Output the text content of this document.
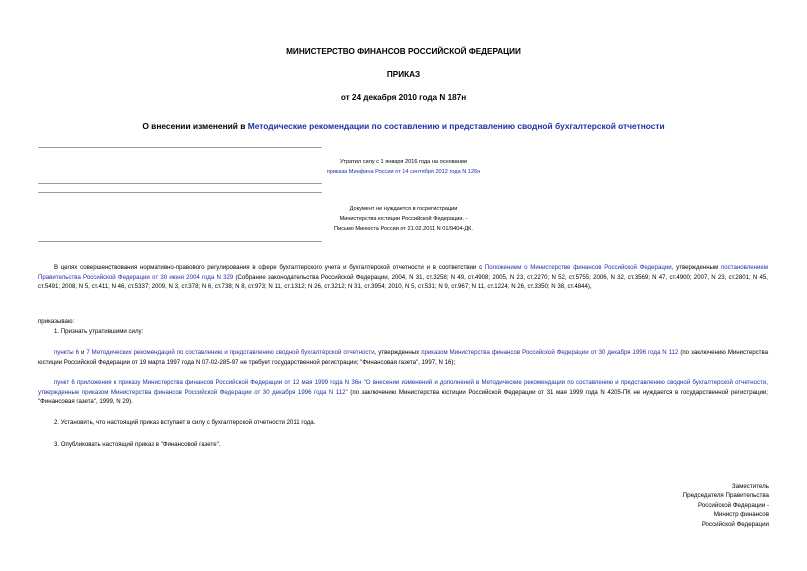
МИНИСТЕРСТВО ФИНАНСОВ РОССИЙСКОЙ ФЕДЕРАЦИИ
ПРИКАЗ
от 24 декабря 2010 года N 187н
О внесении изменений в Методические рекомендации по составлению и представлению сводной бухгалтерской отчетности
Утратил силу с 1 января 2016 года на основании
приказа Минфина России от 14 сентября 2012 года N 126н
Документ не нуждается в госрегистрации
Министерства юстиции Российской Федерации. -
Письмо Минюста России от 21.02.2011 N 01/9404-ДК.
В целях совершенствования нормативно-правового регулирования в сфере бухгалтерского учета и бухгалтерской отчетности и в соответствии с Положением о Министерстве финансов Российской Федерации, утвержденным постановлением Правительства Российской Федерации от 30 июня 2004 года N 329 (Собрание законодательства Российской Федерации, 2004, N 31, ст.3258; N 49, ст.4908; 2005, N 23, ст.2270; N 52, ст.5755; 2006, N 32, ст.3569; N 47, ст.4900; 2007, N 23, ст.2801; N 45, ст.5491; 2008, N 5, ст.411; N 46, ст.5337; 2009, N 3, ст.378; N 6, ст.738; N 8, ст.973; N 11, ст.1312; N 26, ст.3212; N 31, ст.3954; 2010, N 5, ст.531; N 9, ст.967; N 11, ст.1224; N 26, ст.3350; N 38, ст.4844),
приказываю:
1. Признать утратившими силу:
пункты 6 и 7 Методических рекомендаций по составлению и представлению сводной бухгалтерской отчетности, утвержденных приказом Министерства финансов Российской Федерации от 30 декабря 1996 года N 112 (по заключению Министерства юстиции Российской Федерации от 19 марта 1997 года N 07-02-285-97 не требует государственной регистрации; "Финансовая газета", 1997, N 16);
пункт 6 приложения к приказу Министерства финансов Российской Федерации от 12 мая 1999 года N 36н "О внесении изменений и дополнений в Методические рекомендации по составлению и представлению сводной бухгалтерской отчетности, утвержденные приказом Министерства финансов Российской Федерации от 30 декабря 1996 года N 112" (по заключению Министерства юстиции Российской Федерации от 31 мая 1999 года N 4205-ПК не нуждается в государственной регистрации; "Финансовая газета", 1999, N 29).
2. Установить, что настоящий приказ вступает в силу с бухгалтерской отчетности 2011 года.
3. Опубликовать настоящий приказ в "Финансовой газете".
Заместитель
Председателя Правительства
Российской Федерации -
Министр финансов
Российской Федерации
